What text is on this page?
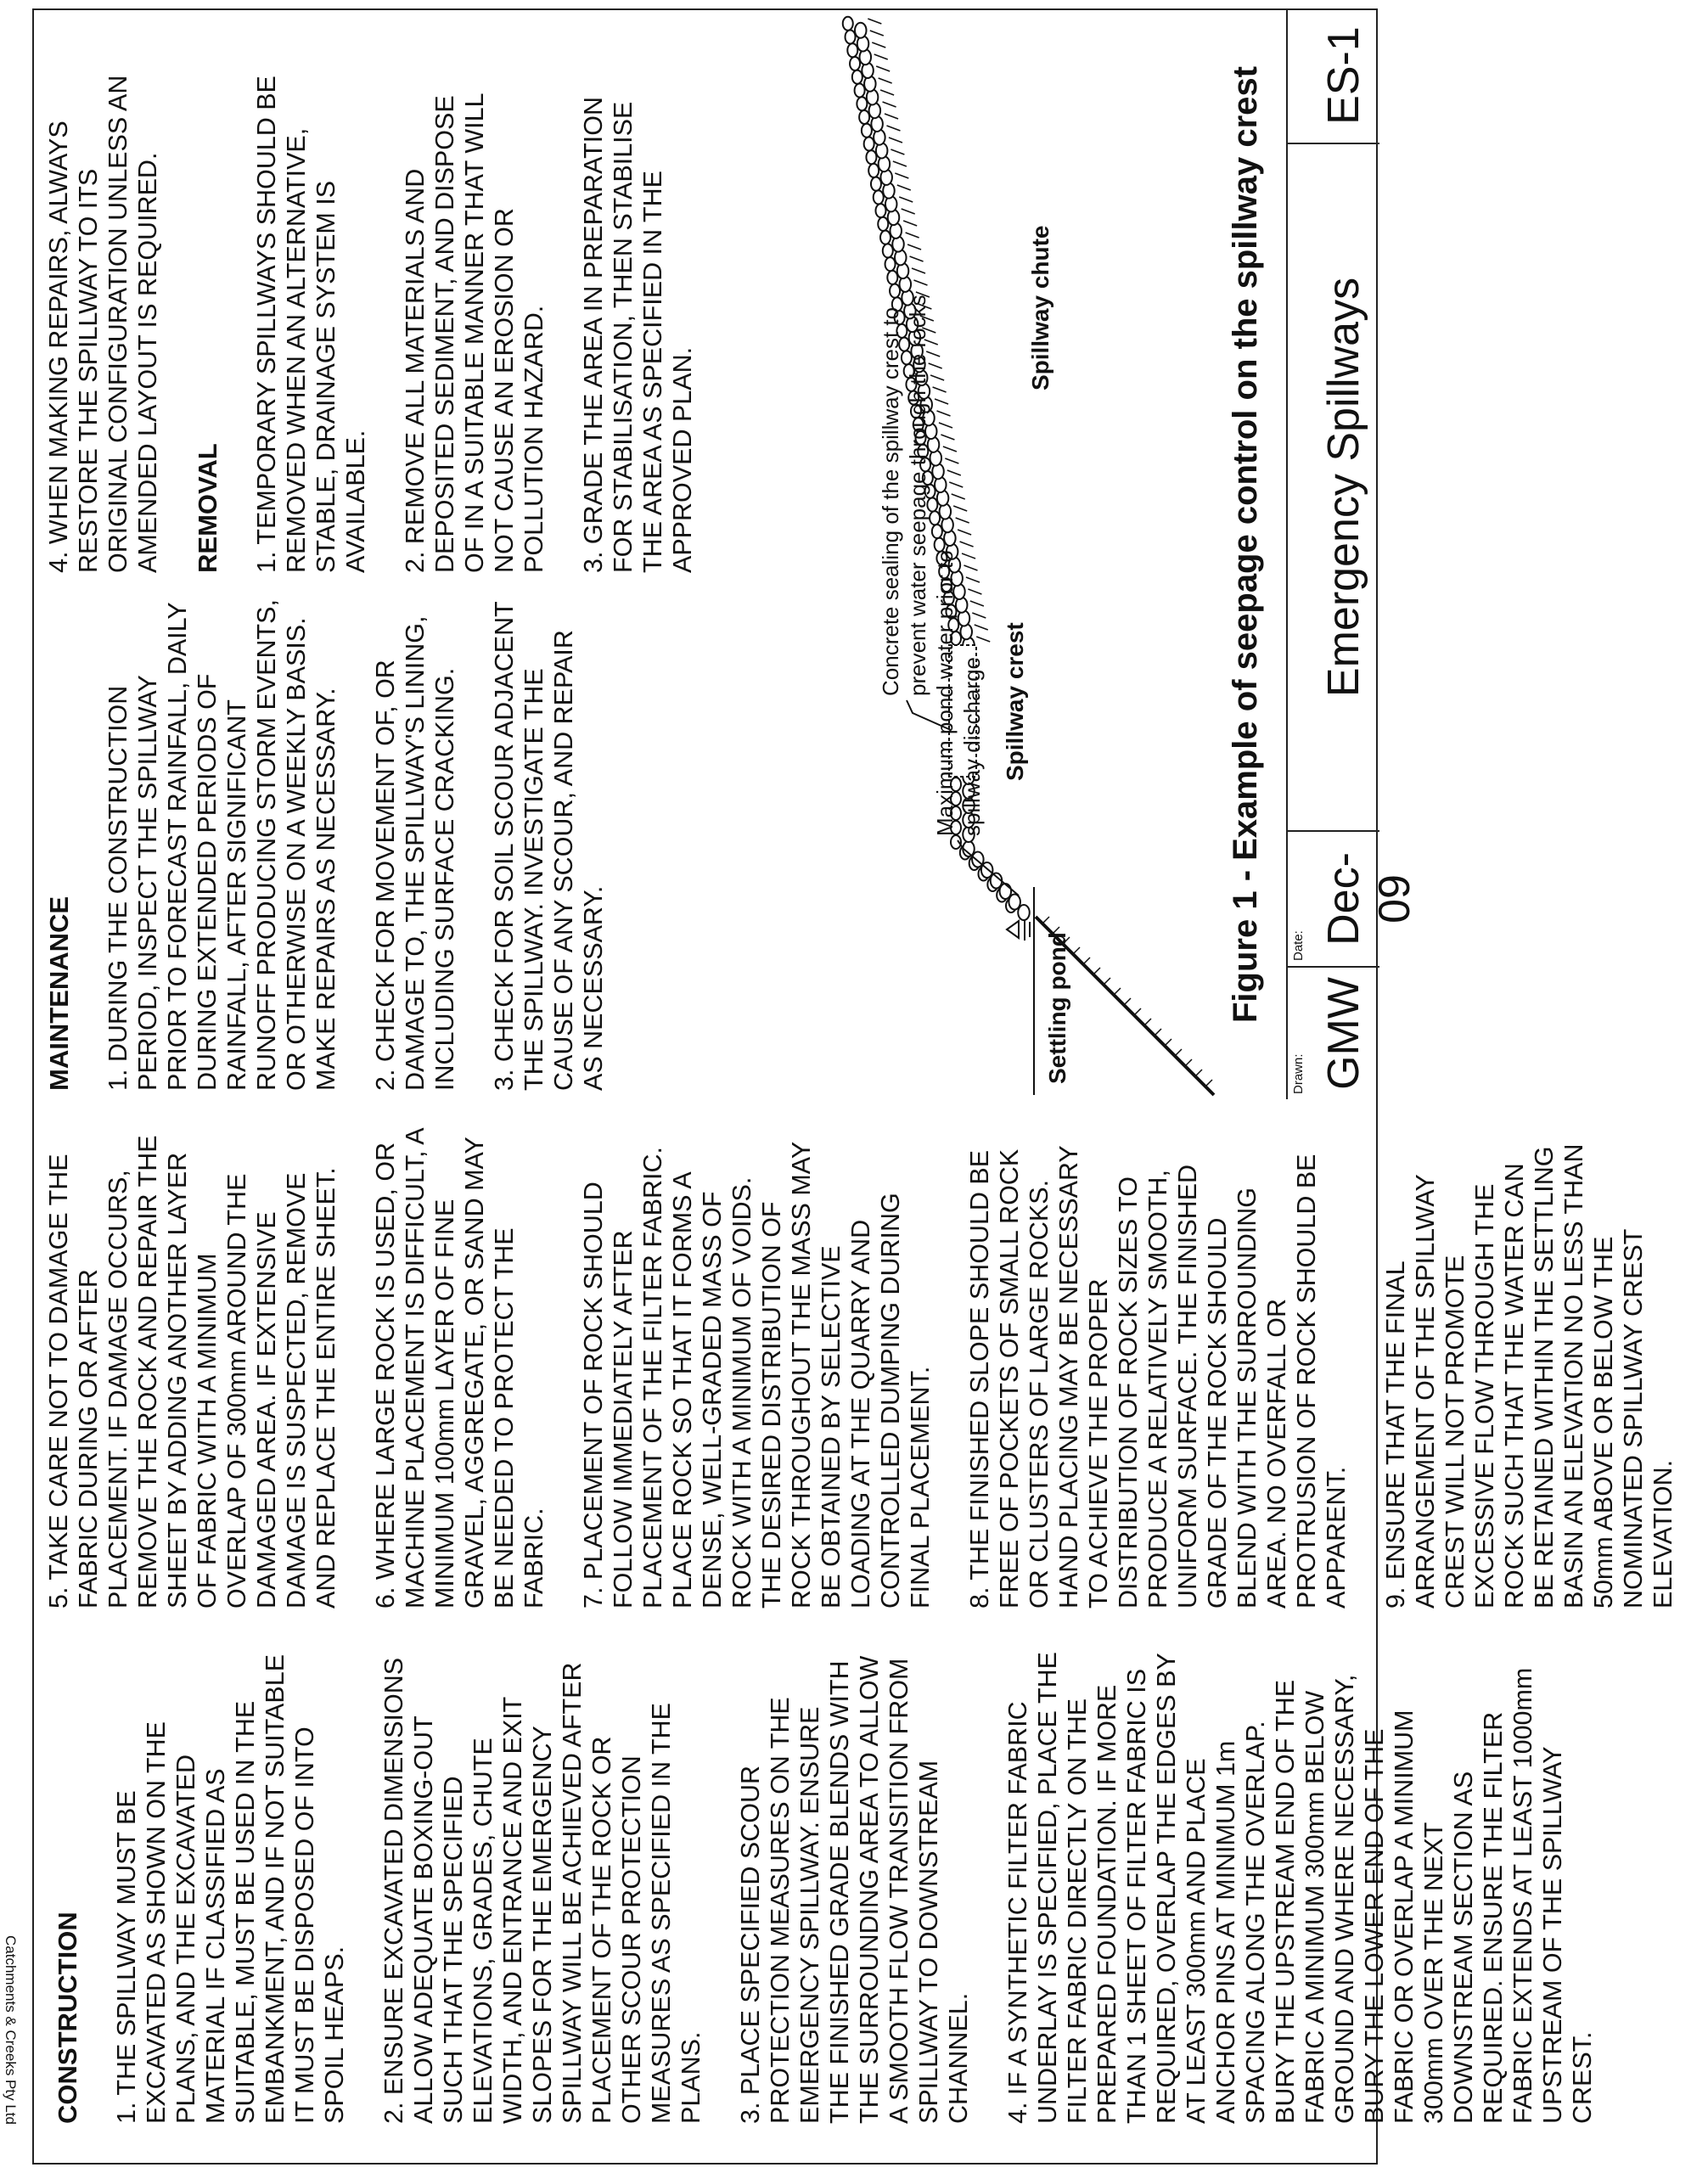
Catchments & Creeks Pty Ltd CONSTRUCTION 1. THE SPILLWAY MUST BE EXCAVATED AS SHOWN ON THE PLANS, AND THE EXCAVATED MATERIAL IF CLASSIFIED AS SUITABLE, MUST BE USED IN THE EMBANKMENT, AND IF NOT SUITABLE IT MUST BE DISPOSED OF INTO SPOIL HEAPS. 2. ENSURE EXCAVATED DIMENSIONS ALLOW ADEQUATE BOXING-OUT SUCH THAT THE SPECIFIED ELEVATIONS, GRADES, CHUTE WIDTH, AND ENTRANCE AND EXIT SLOPES FOR THE EMERGENCY SPILLWAY WILL BE ACHIEVED AFTER PLACEMENT OF THE ROCK OR OTHER SCOUR PROTECTION MEASURES AS SPECIFIED IN THE PLANS. 3. PLACE SPECIFIED SCOUR PROTECTION MEASURES ON THE EMERGENCY SPILLWAY. ENSURE THE FINISHED GRADE BLENDS WITH THE SURROUNDING AREA TO ALLOW A SMOOTH FLOW TRANSITION FROM SPILLWAY TO DOWNSTREAM CHANNEL. 4. IF A SYNTHETIC FILTER FABRIC UNDERLAY IS SPECIFIED, PLACE THE FILTER FABRIC DIRECTLY ON THE PREPARED FOUNDATION. IF MORE THAN 1 SHEET OF FILTER FABRIC IS REQUIRED, OVERLAP THE EDGES BY AT LEAST 300mm AND PLACE ANCHOR PINS AT MINIMUM 1m SPACING ALONG THE OVERLAP. BURY THE UPSTREAM END OF THE FABRIC A MINIMUM 300mm BELOW GROUND AND WHERE NECESSARY, BURY THE LOWER END OF THE FABRIC OR OVERLAP A MINIMUM 300mm OVER THE NEXT DOWNSTREAM SECTION AS REQUIRED. ENSURE THE FILTER FABRIC EXTENDS AT LEAST 1000mm UPSTREAM OF THE SPILLWAY CREST.

5. TAKE CARE NOT TO DAMAGE THE FABRIC DURING OR AFTER PLACEMENT. IF DAMAGE OCCURS, REMOVE THE ROCK AND REPAIR THE SHEET BY ADDING ANOTHER LAYER OF FABRIC WITH A MINIMUM OVERLAP OF 300mm AROUND THE DAMAGED AREA. IF EXTENSIVE DAMAGE IS SUSPECTED, REMOVE AND REPLACE THE ENTIRE SHEET. 6. WHERE LARGE ROCK IS USED, OR MACHINE PLACEMENT IS DIFFICULT, A MINIMUM 100mm LAYER OF FINE GRAVEL, AGGREGATE, OR SAND MAY BE NEEDED TO PROTECT THE FABRIC. 7. PLACEMENT OF ROCK SHOULD FOLLOW IMMEDIATELY AFTER PLACEMENT OF THE FILTER FABRIC. PLACE ROCK SO THAT IT FORMS A DENSE, WELL-GRADED MASS OF ROCK WITH A MINIMUM OF VOIDS. THE DESIRED DISTRIBUTION OF ROCK THROUGHOUT THE MASS MAY BE OBTAINED BY SELECTIVE LOADING AT THE QUARRY AND CONTROLLED DUMPING DURING FINAL PLACEMENT. 8. THE FINISHED SLOPE SHOULD BE FREE OF POCKETS OF SMALL ROCK OR CLUSTERS OF LARGE ROCKS. HAND PLACING MAY BE NECESSARY TO ACHIEVE THE PROPER DISTRIBUTION OF ROCK SIZES TO PRODUCE A RELATIVELY SMOOTH, UNIFORM SURFACE. THE FINISHED GRADE OF THE ROCK SHOULD BLEND WITH THE SURROUNDING AREA. NO OVERFALL OR PROTRUSION OF ROCK SHOULD BE APPARENT. 9. ENSURE THAT THE FINAL ARRANGEMENT OF THE SPILLWAY CREST WILL NOT PROMOTE EXCESSIVE FLOW THROUGH THE ROCK SUCH THAT THE WATER CAN BE RETAINED WITHIN THE SETTLING BASIN AN ELEVATION NO LESS THAN 50mm ABOVE OR BELOW THE NOMINATED SPILLWAY CREST ELEVATION.

MAINTENANCE 1. DURING THE CONSTRUCTION PERIOD, INSPECT THE SPILLWAY PRIOR TO FORECAST RAINFALL, DAILY DURING EXTENDED PERIODS OF RAINFALL, AFTER SIGNIFICANT RUNOFF PRODUCING STORM EVENTS, OR OTHERWISE ON A WEEKLY BASIS. MAKE REPAIRS AS NECESSARY. 2. CHECK FOR MOVEMENT OF, OR DAMAGE TO, THE SPILLWAY'S LINING, INCLUDING SURFACE CRACKING. 3. CHECK FOR SOIL SCOUR ADJACENT THE SPILLWAY. INVESTIGATE THE CAUSE OF ANY SCOUR, AND REPAIR AS NECESSARY.

4. WHEN MAKING REPAIRS, ALWAYS RESTORE THE SPILLWAY TO ITS ORIGINAL CONFIGURATION UNLESS AN AMENDED LAYOUT IS REQUIRED. REMOVAL 1. TEMPORARY SPILLWAYS SHOULD BE REMOVED WHEN AN ALTERNATIVE, STABLE, DRAINAGE SYSTEM IS AVAILABLE. 2. REMOVE ALL MATERIALS AND DEPOSITED SEDIMENT, AND DISPOSE OF IN A SUITABLE MANNER THAT WILL NOT CAUSE AN EROSION OR POLLUTION HAZARD. 3. GRADE THE AREA IN PREPARATION FOR STABILISATION, THEN STABILISE THE AREA AS SPECIFIED IN THE APPROVED PLAN.

Maximum pond water prior to spillway discharge
Concrete sealing of the spillway crest to prevent water seepage through the rocks
Settling pond
Spillway crest
Spillway chute	Figure 1 - Example of seepage control on the spillway crest
Drawn: GMW
Date:
Dec-09
Emergency Spillways
ES-1
